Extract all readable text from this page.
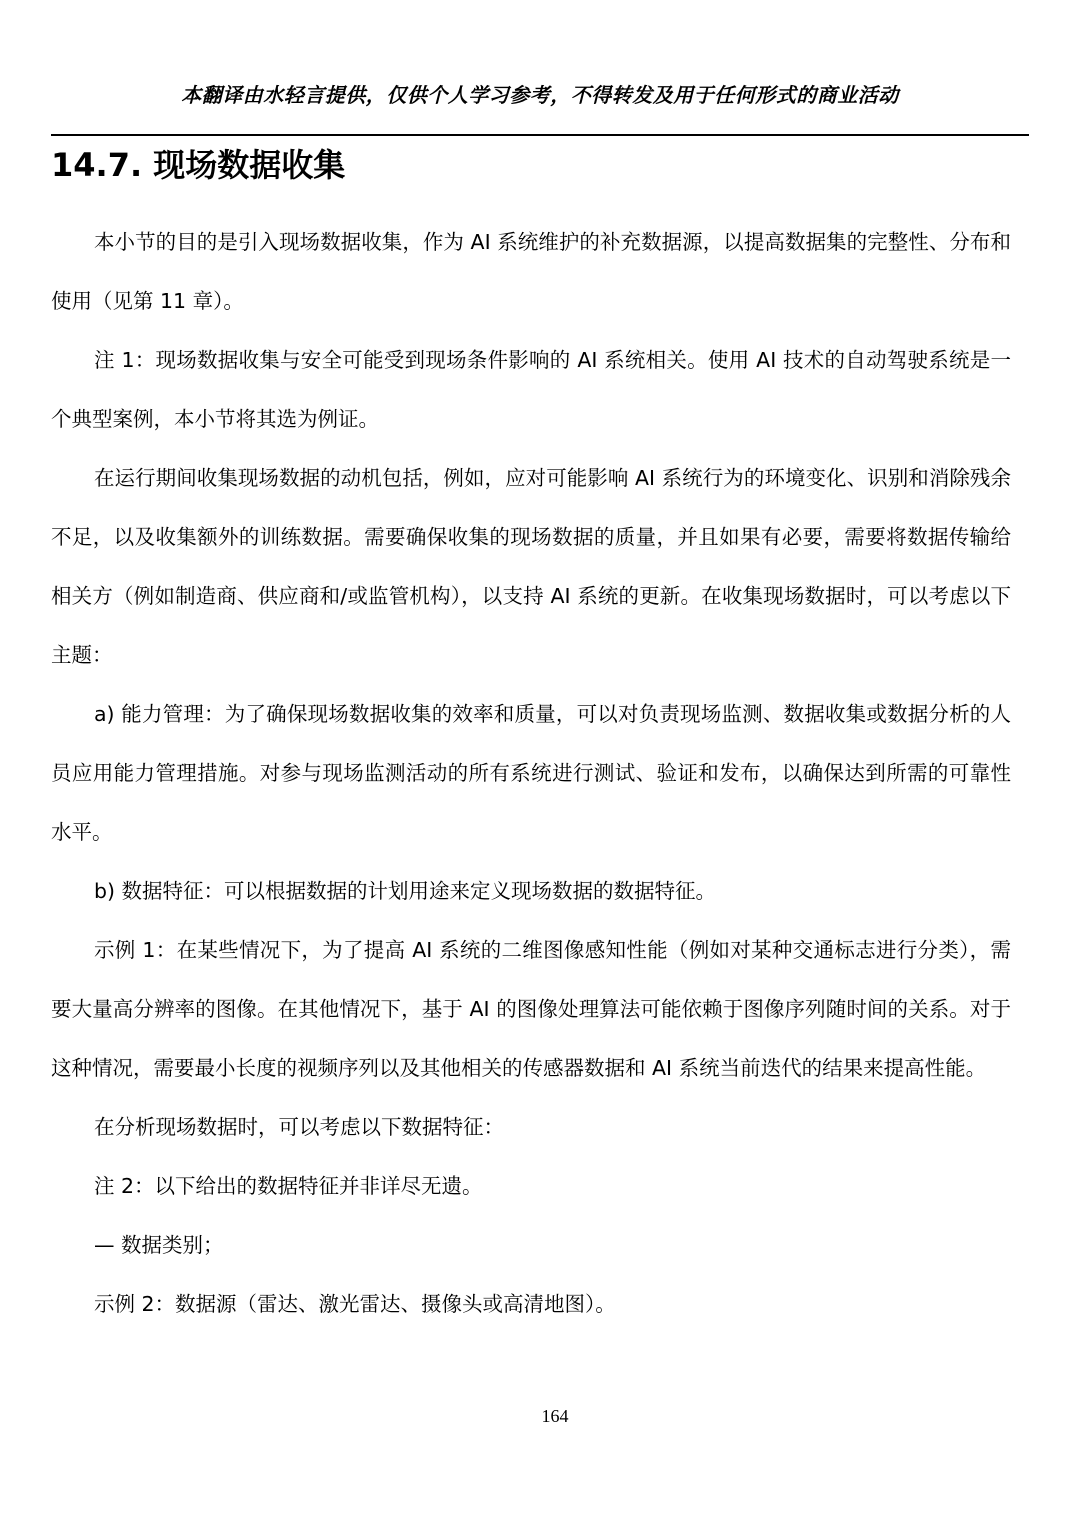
本翻译由水轻言提供，仅供个人学习参考，不得转发及用于任何形式的商业活动
14.7. 现场数据收集

本小节的目的是引入现场数据收集，作为 AI 系统维护的补充数据源，以提高数据集的完整性、分布和使用（见第 11 章）。

注 1：现场数据收集与安全可能受到现场条件影响的 AI 系统相关。使用 AI 技术的自动驾驶系统是一个典型案例，本小节将其选为例证。

在运行期间收集现场数据的动机包括，例如，应对可能影响 AI 系统行为的环境变化、识别和消除残余不足，以及收集额外的训练数据。需要确保收集的现场数据的质量，并且如果有必要，需要将数据传输给相关方（例如制造商、供应商和/或监管机构），以支持 AI 系统的更新。在收集现场数据时，可以考虑以下主题：

a) 能力管理：为了确保现场数据收集的效率和质量，可以对负责现场监测、数据收集或数据分析的人员应用能力管理措施。对参与现场监测活动的所有系统进行测试、验证和发布，以确保达到所需的可靠性水平。

b) 数据特征：可以根据数据的计划用途来定义现场数据的数据特征。

示例 1：在某些情况下，为了提高 AI 系统的二维图像感知性能（例如对某种交通标志进行分类），需要大量高分辨率的图像。在其他情况下，基于 AI 的图像处理算法可能依赖于图像序列随时间的关系。对于这种情况，需要最小长度的视频序列以及其他相关的传感器数据和 AI 系统当前迭代的结果来提高性能。

在分析现场数据时，可以考虑以下数据特征：

注 2：以下给出的数据特征并非详尽无遗。

— 数据类别；

示例 2：数据源（雷达、激光雷达、摄像头或高清地图）。

164
